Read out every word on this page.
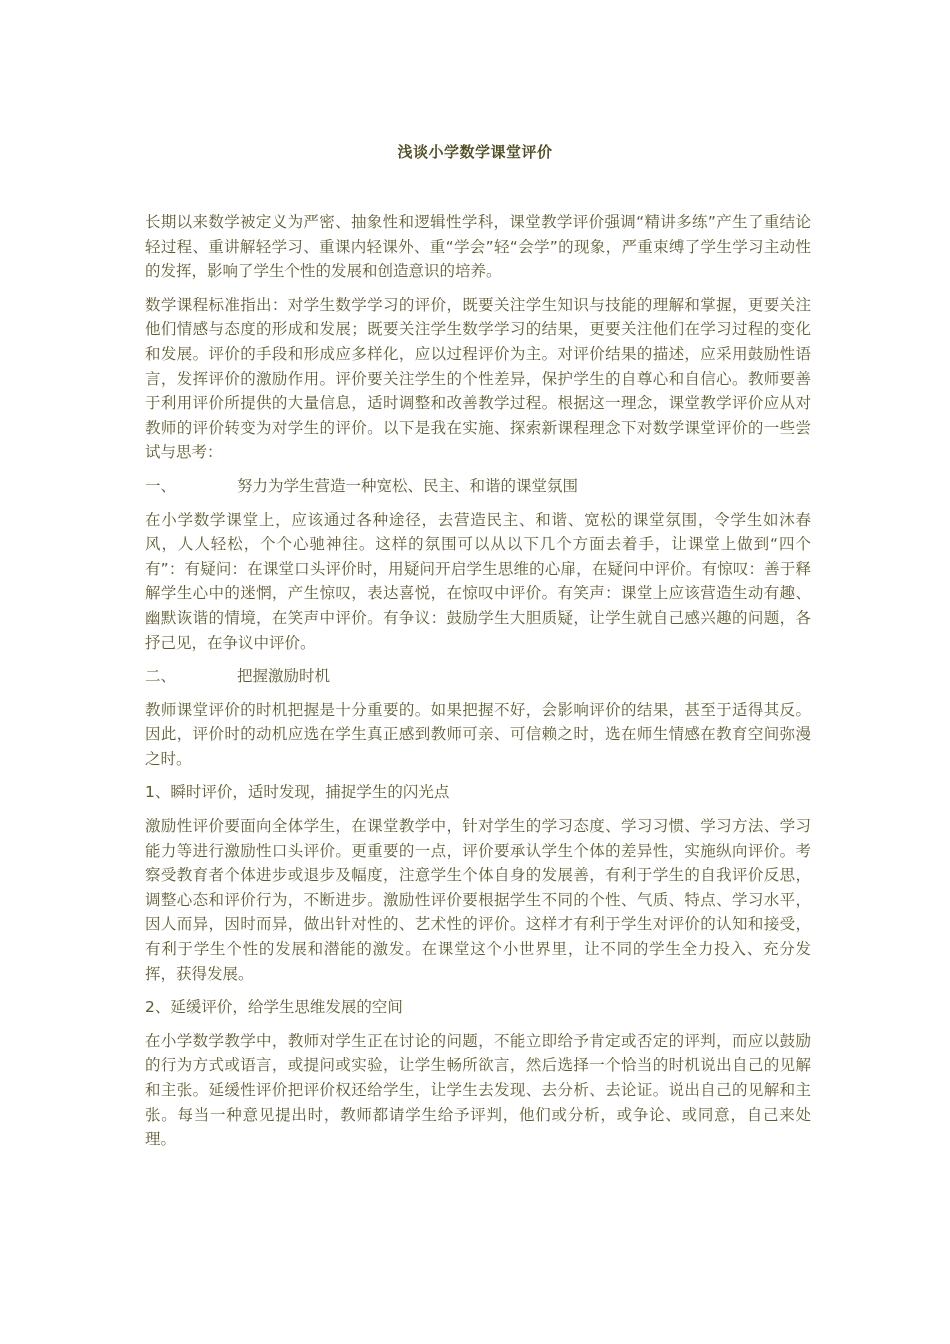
浅谈小学数学课堂评价

长期以来数学被定义为严密、抽象性和逻辑性学科，课堂教学评价强调“精讲多练”产生了重结论轻过程、重讲解轻学习、重课内轻课外、重“学会”轻“会学”的现象，严重束缚了学生学习主动性的发挥，影响了学生个性的发展和创造意识的培养。

数学课程标准指出：对学生数学学习的评价，既要关注学生知识与技能的理解和掌握，更要关注他们情感与态度的形成和发展；既要关注学生数学学习的结果，更要关注他们在学习过程的变化和发展。评价的手段和形成应多样化，应以过程评价为主。对评价结果的描述，应采用鼓励性语言，发挥评价的激励作用。评价要关注学生的个性差异，保护学生的自尊心和自信心。教师要善于利用评价所提供的大量信息，适时调整和改善教学过程。根据这一理念，课堂教学评价应从对教师的评价转变为对学生的评价。以下是我在实施、探索新课程理念下对数学课堂评价的一些尝试与思考：

一、	努力为学生营造一种宽松、民主、和谐的课堂氛围

在小学数学课堂上，应该通过各种途径，去营造民主、和谐、宽松的课堂氛围，令学生如沐春风，人人轻松，个个心驰神往。这样的氛围可以从以下几个方面去着手，让课堂上做到“四个有”：有疑问：在课堂口头评价时，用疑问开启学生思维的心扉，在疑问中评价。有惊叹：善于释解学生心中的迷惘，产生惊叹，表达喜悦，在惊叹中评价。有笑声：课堂上应该营造生动有趣、幽默诙谐的情境，在笑声中评价。有争议：鼓励学生大胆质疑，让学生就自己感兴趣的问题，各抒己见，在争议中评价。

二、	把握激励时机

教师课堂评价的时机把握是十分重要的。如果把握不好，会影响评价的结果，甚至于适得其反。因此，评价时的动机应选在学生真正感到教师可亲、可信赖之时，选在师生情感在教育空间弥漫之时。

1、瞬时评价，适时发现，捕捉学生的闪光点

激励性评价要面向全体学生，在课堂教学中，针对学生的学习态度、学习习惯、学习方法、学习能力等进行激励性口头评价。更重要的一点，评价要承认学生个体的差异性，实施纵向评价。考察受教育者个体进步或退步及幅度，注意学生个体自身的发展善，有利于学生的自我评价反思，调整心态和评价行为，不断进步。激励性评价要根据学生不同的个性、气质、特点、学习水平，因人而异，因时而异，做出针对性的、艺术性的评价。这样才有利于学生对评价的认知和接受，有利于学生个性的发展和潜能的激发。在课堂这个小世界里，让不同的学生全力投入、充分发挥，获得发展。

2、延缓评价，给学生思维发展的空间

在小学数学教学中，教师对学生正在讨论的问题，不能立即给予肯定或否定的评判，而应以鼓励的行为方式或语言，或提问或实验，让学生畅所欲言，然后选择一个恰当的时机说出自己的见解和主张。延缓性评价把评价权还给学生，让学生去发现、去分析、去论证。说出自己的见解和主张。每当一种意见提出时，教师都请学生给予评判，他们或分析，或争论、或同意，自己来处理。
